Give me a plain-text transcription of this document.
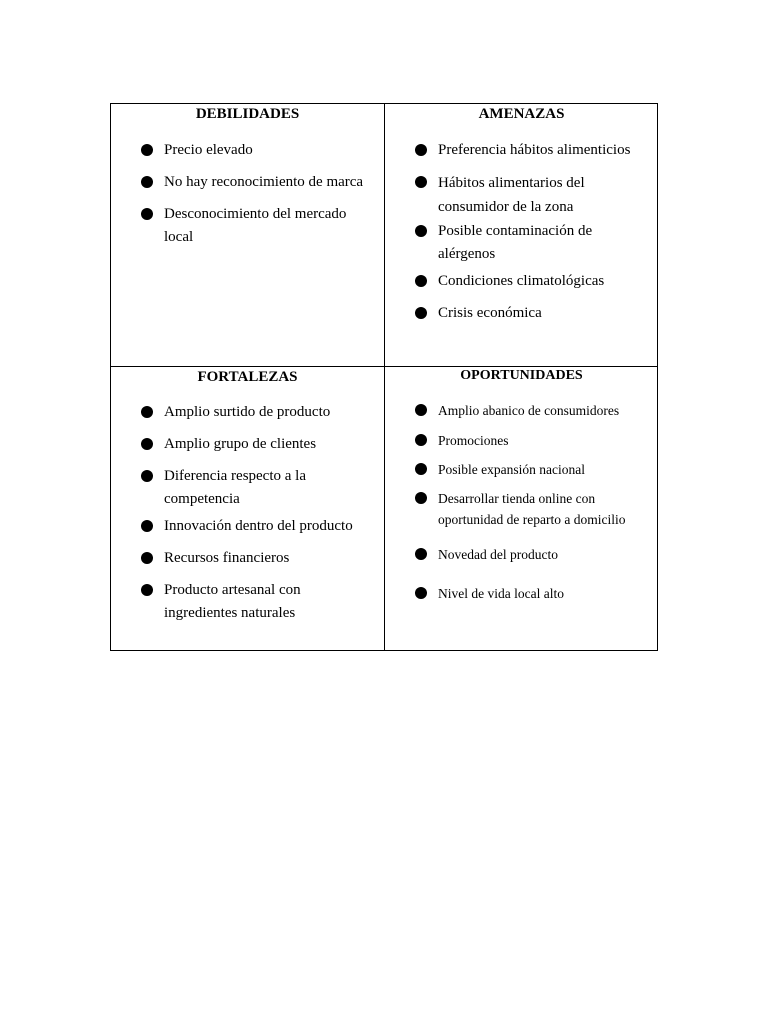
DEBILIDADES
Precio elevado
No hay reconocimiento de marca
Desconocimiento del mercado local
AMENAZAS
Preferencia hábitos alimenticios
Hábitos alimentarios del consumidor de la zona
Posible contaminación de alérgenos
Condiciones climatológicas
Crisis económica
FORTALEZAS
Amplio surtido de producto
Amplio grupo de clientes
Diferencia respecto a la competencia
Innovación dentro del producto
Recursos financieros
Producto artesanal con ingredientes naturales
OPORTUNIDADES
Amplio abanico de consumidores
Promociones
Posible expansión nacional
Desarrollar tienda online con oportunidad de reparto a domicilio
Novedad del producto
Nivel de vida local alto
